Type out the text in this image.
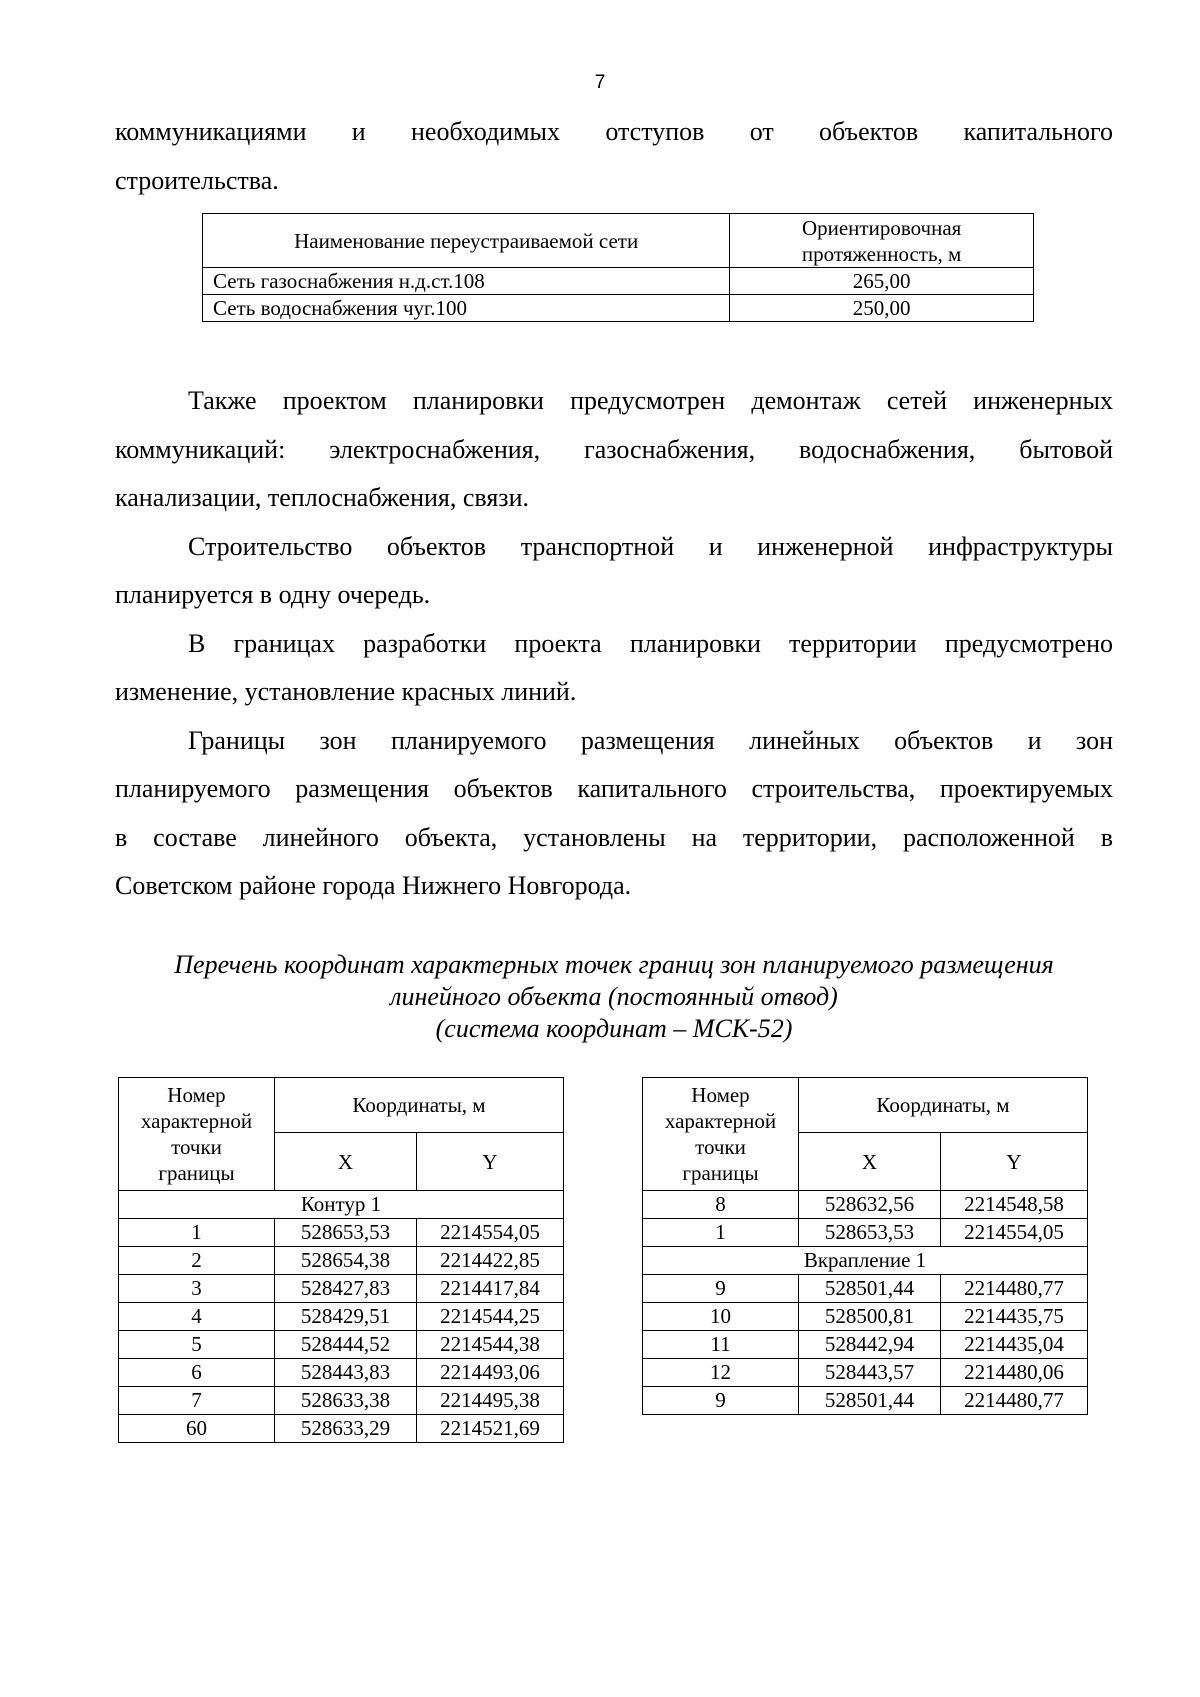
7
коммуникациями и необходимых отступов от объектов капитального
строительства.
Наименование переустраиваемой сети	Ориентировочная
протяженность, м

Сеть газоснабжения н.д.ст.108	265,00
Сеть водоснабжения чуг.100	250,00
Также проектом планировки предусмотрен демонтаж сетей инженерных
коммуникаций: электроснабжения, газоснабжения, водоснабжения, бытовой
канализации, теплоснабжения, связи.
Строительство объектов транспортной и инженерной инфраструктуры
планируется в одну очередь.
В границах разработки проекта планировки территории предусмотрено
изменение, установление красных линий.
Границы зон планируемого размещения линейных объектов и зон
планируемого размещения объектов капитального строительства, проектируемых
в составе линейного объекта, установлены на территории, расположенной в
Советском районе города Нижнего Новгорода.
Перечень координат характерных точек границ зон планируемого размещения
линейного объекта (постоянный отвод)
(система координат – МСК-52)
Номер
характерной
точки
границы	Координаты, м	
	X	Y
Контур 1		
1	528653,53	2214554,05
2	528654,38	2214422,85
3	528427,83	2214417,84
4	528429,51	2214544,25
5	528444,52	2214544,38
6	528443,83	2214493,06
7	528633,38	2214495,38
60	528633,29	2214521,69
Номер
характерной
точки
границы	Координаты, м	
	X	Y
8	528632,56	2214548,58
1	528653,53	2214554,05
Вкрапление 1		
9	528501,44	2214480,77
10	528500,81	2214435,75
11	528442,94	2214435,04
12	528443,57	2214480,06
9	528501,44	2214480,77
